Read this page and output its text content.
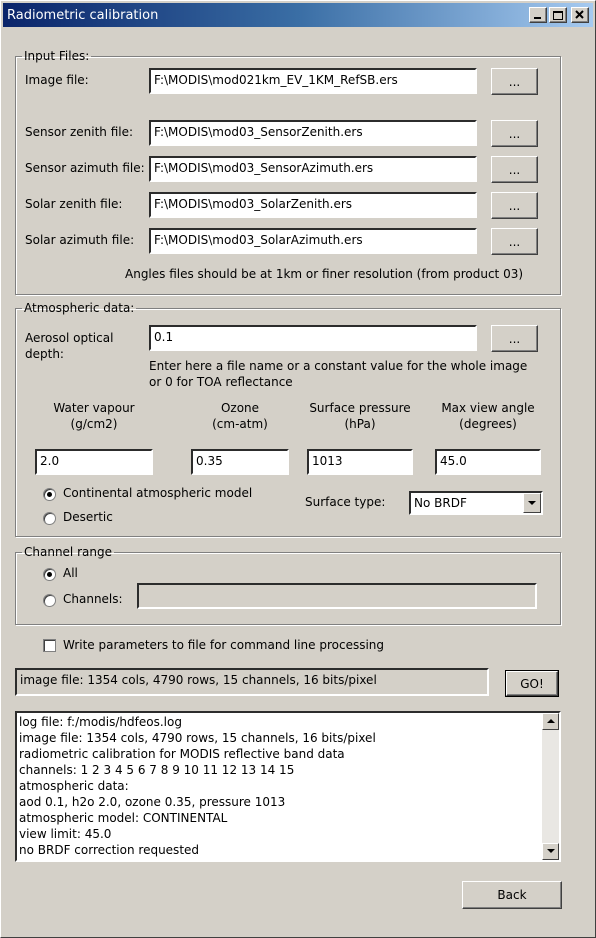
Radiometric calibration
Input Files:
Image file:	F:\MODIS\mod021km_EV_1KM_RefSB.ers	...
Sensor zenith file:	F:\MODIS\mod03_SensorZenith.ers	...
Sensor azimuth file: F:\MODIS\mod03_SensorAzimuth.ers	...
Solar zenith file:	F:\MODIS\mod03_SolarZenith.ers	...
Solar azimuth file:	F:\MODIS\mod03_SolarAzimuth.ers	...
Angles files should be at 1km or finer resolution (from product 03)
Atmospheric data:
Aerosol optical
depth:
0.1	...
Enter here a file name or a constant value for the whole image
or 0 for TOA reflectance
Water vapour
(g/cm2)
2.0
Ozone
(cm-atm)
0.35
Surface pressure
(hPa)
1013
Max view angle
(degrees)
45.0
Continental atmospheric model
Desertic
Surface type: No BRDF
Channel range
All
Channels:
Write parameters to file for command line processing
image file: 1354 cols, 4790 rows, 15 channels, 16 bits/pixel	GO!
log file: f:/modis/hdfeos.log
image file: 1354 cols, 4790 rows, 15 channels, 16 bits/pixel
radiometric calibration for MODIS reflective band data
channels: 1 2 3 4 5 6 7 8 9 10 11 12 13 14 15
atmospheric data:
aod 0.1, h2o 2.0, ozone 0.35, pressure 1013
atmospheric model: CONTINENTAL
view limit: 45.0
no BRDF correction requested
Back
